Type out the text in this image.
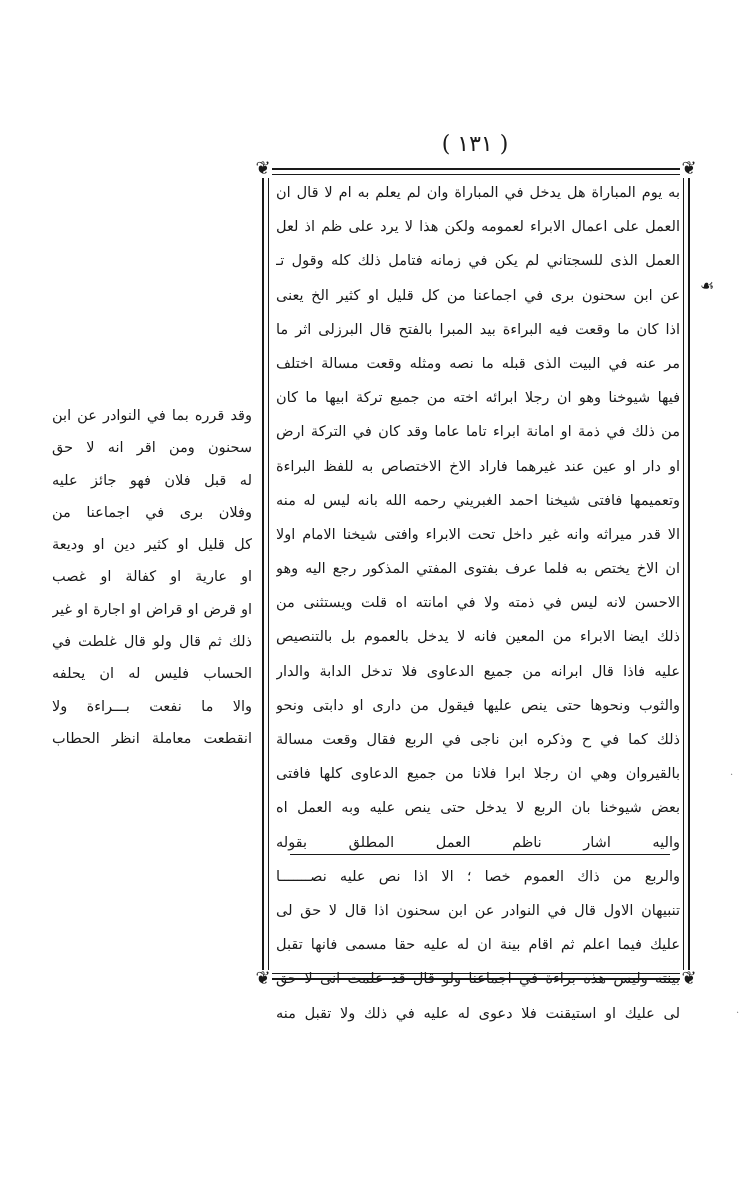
( ١٣١ )
❦	❦
❦	❦
☙
به يوم المباراة هل يدخل في المباراة وان لم يعلم به ام لا قال ان
العمل على اعمال الابراء لعمومه ولكن هذا لا يرد على ظم اذ لعل
العمل الذى للسجتاني لم يكن في زمانه فتامل ذلك كله وقول تـ
عن ابن سحنون برى في اجماعنا من كل قليل او كثير الخ يعنى
اذا كان ما وقعت فيه البراءة بيد المبرا بالفتح قال البرزلى اثر ما
مر عنه في البيت الذى قبله ما نصه ومثله وقعت مسالة اختلف
فيها شيوخنا وهو ان رجلا ابرائه اخته من جميع تركة ابيها ما كان
من ذلك في ذمة او امانة ابراء تاما عاما وقد كان في التركة ارض
او دار او عين عند غيرهما فاراد الاخ الاختصاص به للفظ البراءة
وتعميمها فافتى شيخنا احمد الغبريني رحمه الله بانه ليس له منه
الا قدر ميراثه وانه غير داخل تحت الابراء وافتى شيخنا الامام اولا
ان الاخ يختص به فلما عرف بفتوى المفتي المذكور رجع اليه وهو
الاحسن لانه ليس في ذمته ولا في امانته اه قلت ويستثنى من
ذلك ايضا الابراء من المعين فانه لا يدخل بالعموم بل بالتنصيص
عليه فاذا قال ابرانه من جميع الدعاوى فلا تدخل الدابة والدار
والثوب ونحوها حتى ينص عليها فيقول من دارى او دابتى ونحو
ذلك كما في ح وذكره ابن ناجى في الربع فقال وقعت مسالة
بالقيروان وهي ان رجلا ابرا فلانا من جميع الدعاوى كلها فافتى
بعض شيوخنا بان الربع لا يدخل حتى ينص عليه وبه العمل اه
واليه اشار ناظم العمل المطلق بقوله
والربع من ذاك العموم خصا ؛ الا اذا نص عليه نصـــــــا
تنبيهان الاول قال في النوادر عن ابن سحنون اذا قال لا حق لى
عليك فيما اعلم ثم اقام بينة ان له عليه حقا مسمى فانها تقبل
بينته وليس هذه براءة في اجماعنا ولو قال قد علمت انى لا حق
لى عليك او استيقنت فلا دعوى له عليه في ذلك ولا تقبل منه
وقد قرره بما في النوادر عن ابن
سحنون ومن اقر انه لا حق
له قبل فلان فهو جائز عليه
وفلان برى في اجماعنا من
كل قليل او كثير دين او وديعة
او عارية او كفالة او غصب
او قرض او قراض او اجارة او غير
ذلك ثم قال ولو قال غلطت في
الحساب فليس له ان يحلفه
والا ما نفعت بـــراءة ولا
انقطعت معاملة انظر الحطاب
·
·
